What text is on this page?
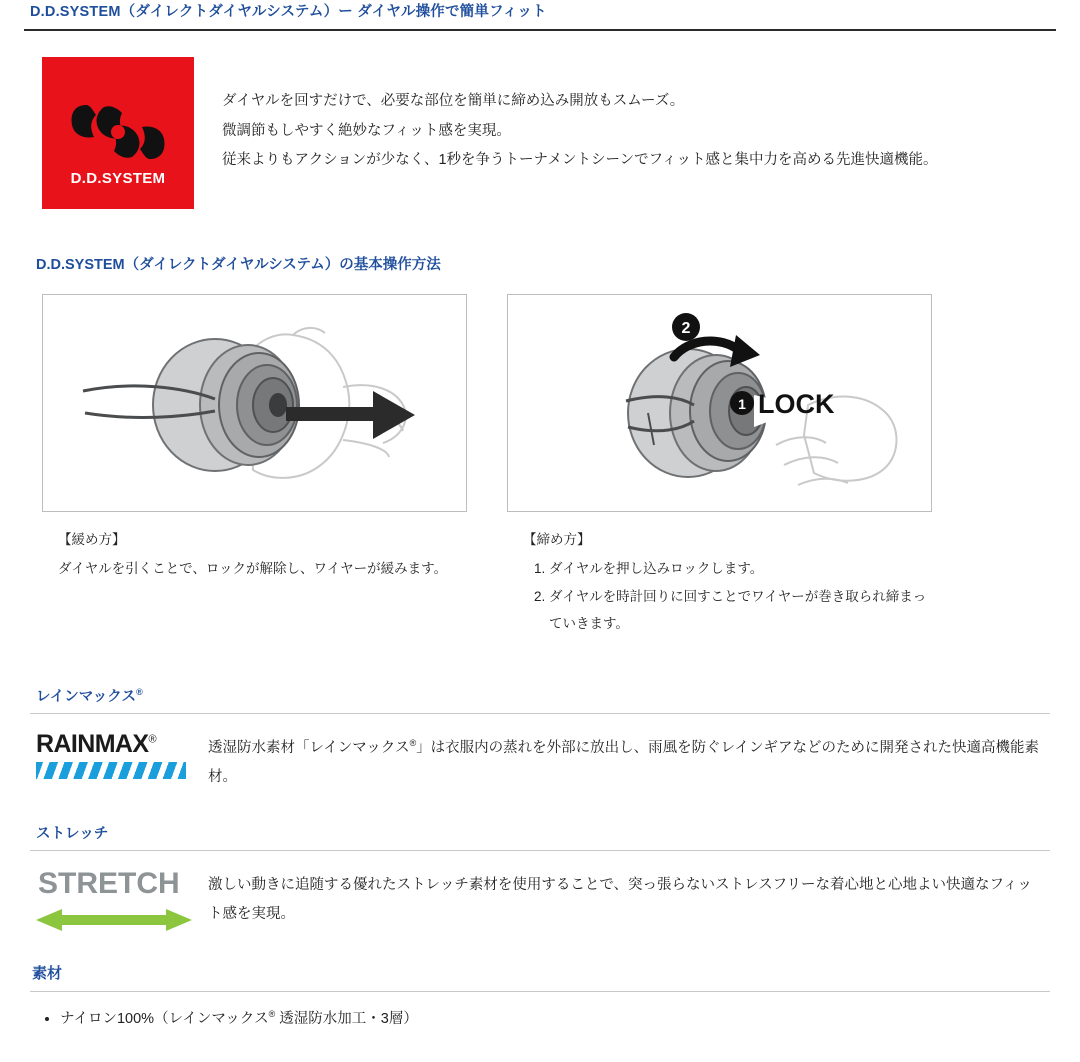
D.D.SYSTEM（ダイレクトダイヤルシステム）ー ダイヤル操作で簡単フィット
D.D.SYSTEM
ダイヤルを回すだけで、必要な部位を簡単に締め込み開放もスムーズ。
微調節もしやすく絶妙なフィット感を実現。
従来よりもアクションが少なく、1秒を争うトーナメントシーンでフィット感と集中力を高める先進快適機能。
D.D.SYSTEM（ダイレクトダイヤルシステム）の基本操作方法
【緩め方】
ダイヤルを引くことで、ロックが解除し、ワイヤーが緩みます。
LOCK
1
2
【締め方】
1. ダイヤルを押し込みロックします。
2. ダイヤルを時計回りに回すことでワイヤーが巻き取られ締まっていきます。
レインマックス®
RAINMAX®
透湿防水素材「レインマックス®」は衣服内の蒸れを外部に放出し、雨風を防ぐレインギアなどのために開発された快適高機能素材。
ストレッチ
STRETCH	激しい動きに追随する優れたストレッチ素材を使用することで、突っ張らないストレスフリーな着心地と心地よい快適なフィット感を実現。
素材
• ナイロン100%（レインマックス® 透湿防水加工・3層）
